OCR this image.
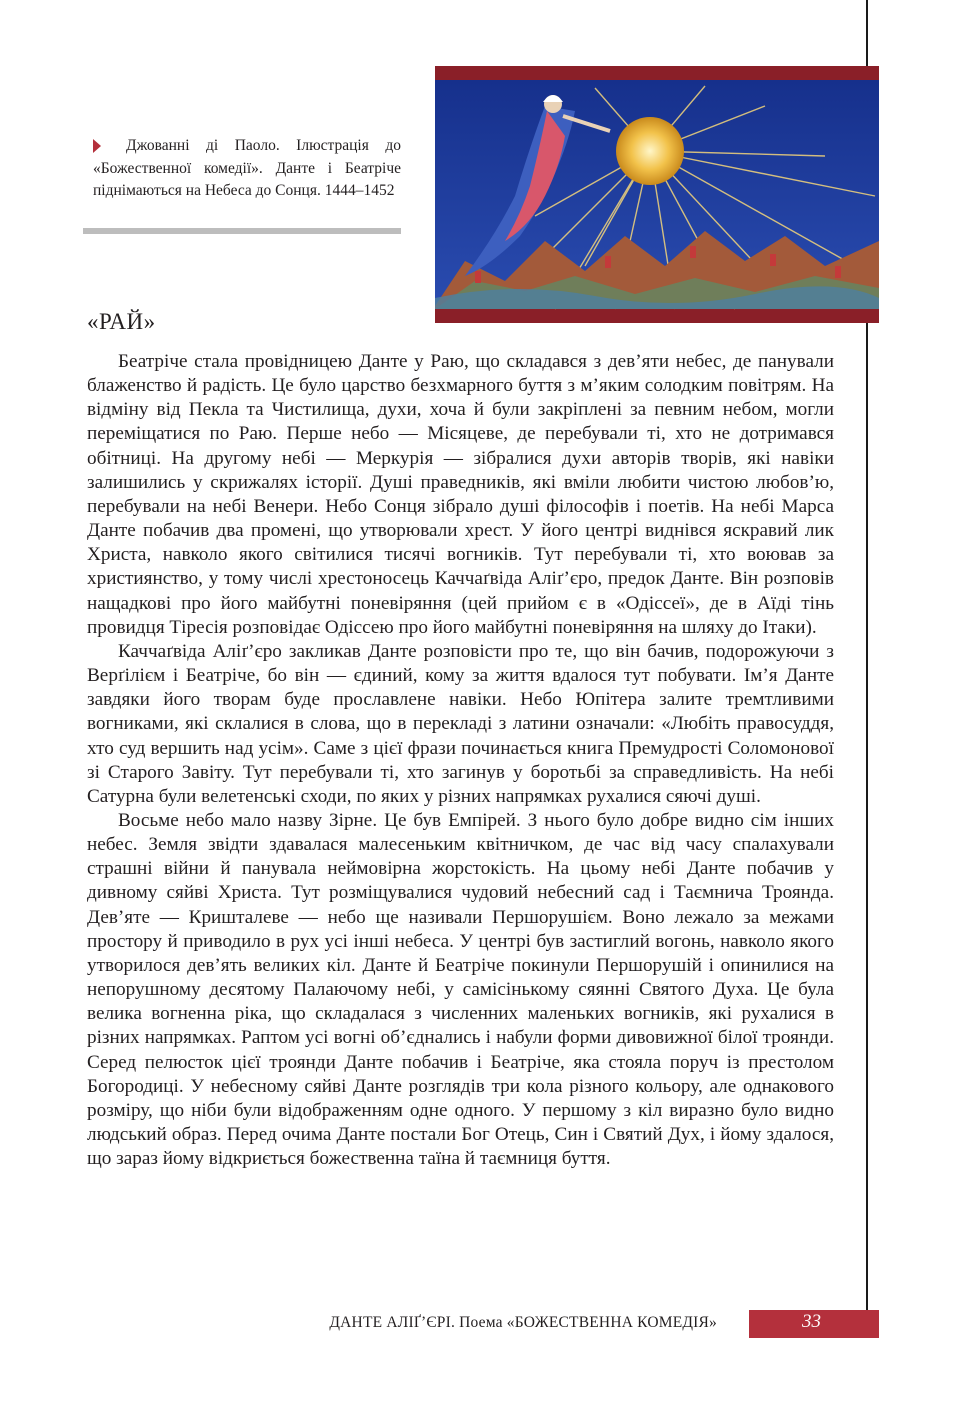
Джованні ді Паоло. Ілюстрація до «Божественної комедії». Данте і Беатріче піднімаються на Небеса до Сонця. 1444–1452

«РАЙ»

Беатріче стала провідницею Данте у Раю, що складався з дев’яти небес, де панували блаженство й радість. Це було царство безхмарного буття з м’яким солодким повітрям. На відміну від Пекла та Чистилища, духи, хоча й були закріплені за певним небом, могли переміщатися по Раю. Перше небо — Місяцеве, де перебували ті, хто не дотримався обітниці. На другому небі — Меркурія — зібралися духи авторів творів, які навіки залишились у скрижалях історії. Душі праведників, які вміли любити чистою любов’ю, перебували на небі Венери. Небо Сонця зібрало душі філософів і поетів. На небі Марса Данте побачив два промені, що утворювали хрест. У його центрі виднівся яскравий лик Христа, навколо якого світилися тисячі вогників. Тут перебували ті, хто воював за християнство, у тому числі хрестоносець Каччаґвіда Аліґ’єро, предок Данте. Він розповів нащадкові про його майбутні поневіряння (цей прийом є в «Одіссеї», де в Аїді тінь провидця Тіресія розповідає Одіссею про його майбутні поневіряння на шляху до Ітаки).

Каччаґвіда Аліґ’єро закликав Данте розповісти про те, що він бачив, подорожуючи з Верґілієм і Беатріче, бо він — єдиний, кому за життя вдалося тут побувати. Ім’я Данте завдяки його творам буде прославлене навіки. Небо Юпітера залите тремтливими вогниками, які склалися в слова, що в перекладі з латини означали: «Любіть правосуддя, хто суд вершить над усім». Саме з цієї фрази починається книга Премудрості Соломонової зі Старого Завіту. Тут перебували ті, хто загинув у боротьбі за справедливість. На небі Сатурна були велетенські сходи, по яких у різних напрямках рухалися сяючі душі.

Восьме небо мало назву Зірне. Це був Емпірей. З нього було добре видно сім інших небес. Земля звідти здавалася малесеньким квітничком, де час від часу спалахували страшні війни й панувала неймовірна жорстокість. На цьому небі Данте побачив у дивному сяйві Христа. Тут розміщувалися чудовий небесний сад і Таємнича Троянда. Дев’яте — Кришталеве — небо ще називали Першорушієм. Воно лежало за межами простору й приводило в рух усі інші небеса. У центрі був застиглий вогонь, навколо якого утворилося дев’ять великих кіл. Данте й Беатріче покинули Першорушій і опинилися на непорушному десятому Палаючому небі, у самісінькому сяянні Святого Духа. Це була велика вогненна ріка, що складалася з численних маленьких вогників, які рухалися в різних напрямках. Раптом усі вогні об’єднались і набули форми дивовижної білої троянди. Серед пелюсток цієї троянди Данте побачив і Беатріче, яка стояла поруч із престолом Богородиці. У небесному сяйві Данте розглядів три кола різного кольору, але однакового розміру, що ніби були відображенням одне одного. У першому з кіл виразно було видно людський образ. Перед очима Данте постали Бог Отець, Син і Святий Дух, і йому здалося, що зараз йому відкриється божественна таїна й таємниця буття.

ДАНТЕ АЛІҐ’ЄРІ. Поема «БОЖЕСТВЕННА КОМЕДІЯ»	33
